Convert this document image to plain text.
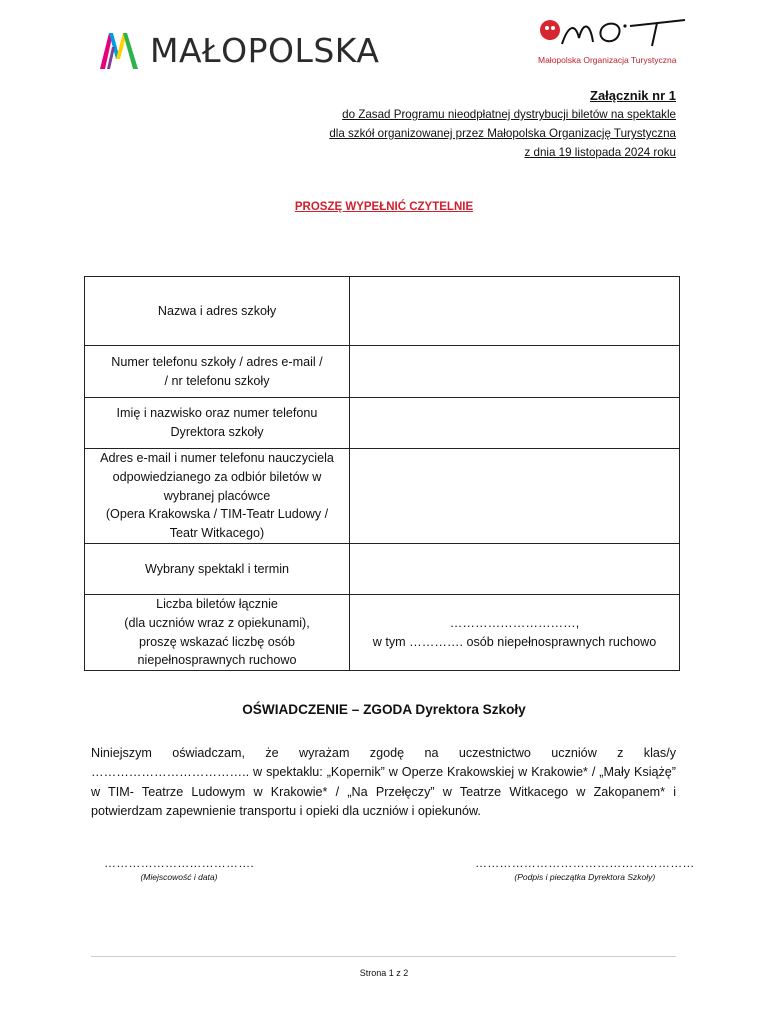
MAŁOPOLSKA	Małopolska Organizacja Turystyczna
Załącznik nr 1
do Zasad Programu nieodpłatnej dystrybucji biletów na spektakle
dla szkół organizowanej przez Małopolska Organizację Turystyczna
z dnia 19 listopada 2024 roku
PROSZĘ WYPEŁNIĆ CZYTELNIE
Nazwa i adres szkoły	

Numer telefonu szkoły / adres e-mail /
/ nr telefonu szkoły	

Imię i nazwisko oraz numer telefonu
Dyrektora szkoły	

Adres e-mail i numer telefonu nauczyciela
odpowiedzianego za odbiór biletów w
wybranej placówce
(Opera Krakowska / TIM-Teatr Ludowy /
Teatr Witkacego)	

Wybrany spektakl i termin	

Liczba biletów łącznie
(dla uczniów wraz z opiekunami),
proszę wskazać liczbę osób
niepełnosprawnych ruchowo	…………………………,
w tym …………. osób niepełnosprawnych ruchowo
OŚWIADCZENIE – ZGODA Dyrektora Szkoły
Niniejszym oświadczam, że wyrażam zgodę na uczestnictwo uczniów z klas/y ……………………………….. w spektaklu: „Kopernik” w Operze Krakowskiej w Krakowie* / „Mały Książę” w TIM- Teatrze Ludowym w Krakowie* / „Na Przełęczy” w Teatrze Witkacego w Zakopanem* i potwierdzam zapewnienie transportu i opieki dla uczniów i opiekunów.
……………………………….
(Miejscowość i data)
………………………………………………
(Podpis i pieczątka Dyrektora Szkoły)
Strona 1 z 2
